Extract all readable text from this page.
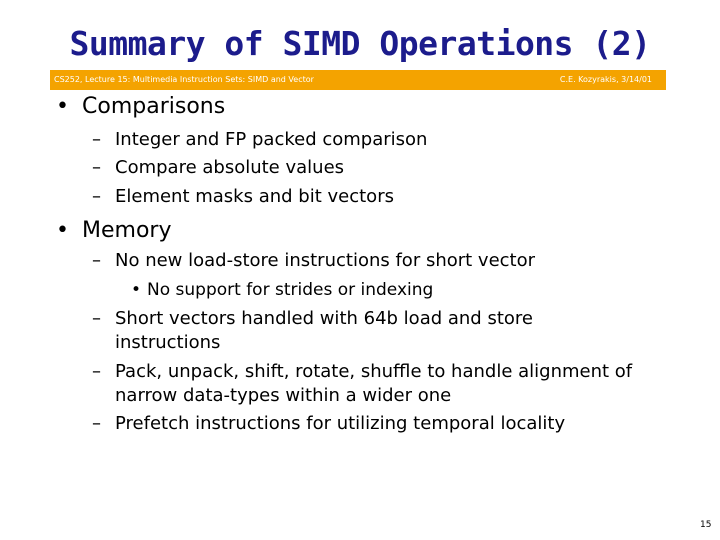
Summary of SIMD Operations (2)
CS252, Lecture 15: Multimedia Instruction Sets: SIMD and Vector	C.E. Kozyrakis, 3/14/01
• Comparisons
– Integer and FP packed comparison
– Compare absolute values
– Element masks and bit vectors
• Memory
– No new load-store instructions for short vector
• No support for strides or indexing
– Short vectors handled with 64b load and store
instructions
– Pack, unpack, shift, rotate, shuffle to handle alignment of
narrow data-types within a wider one
– Prefetch instructions for utilizing temporal locality
15
